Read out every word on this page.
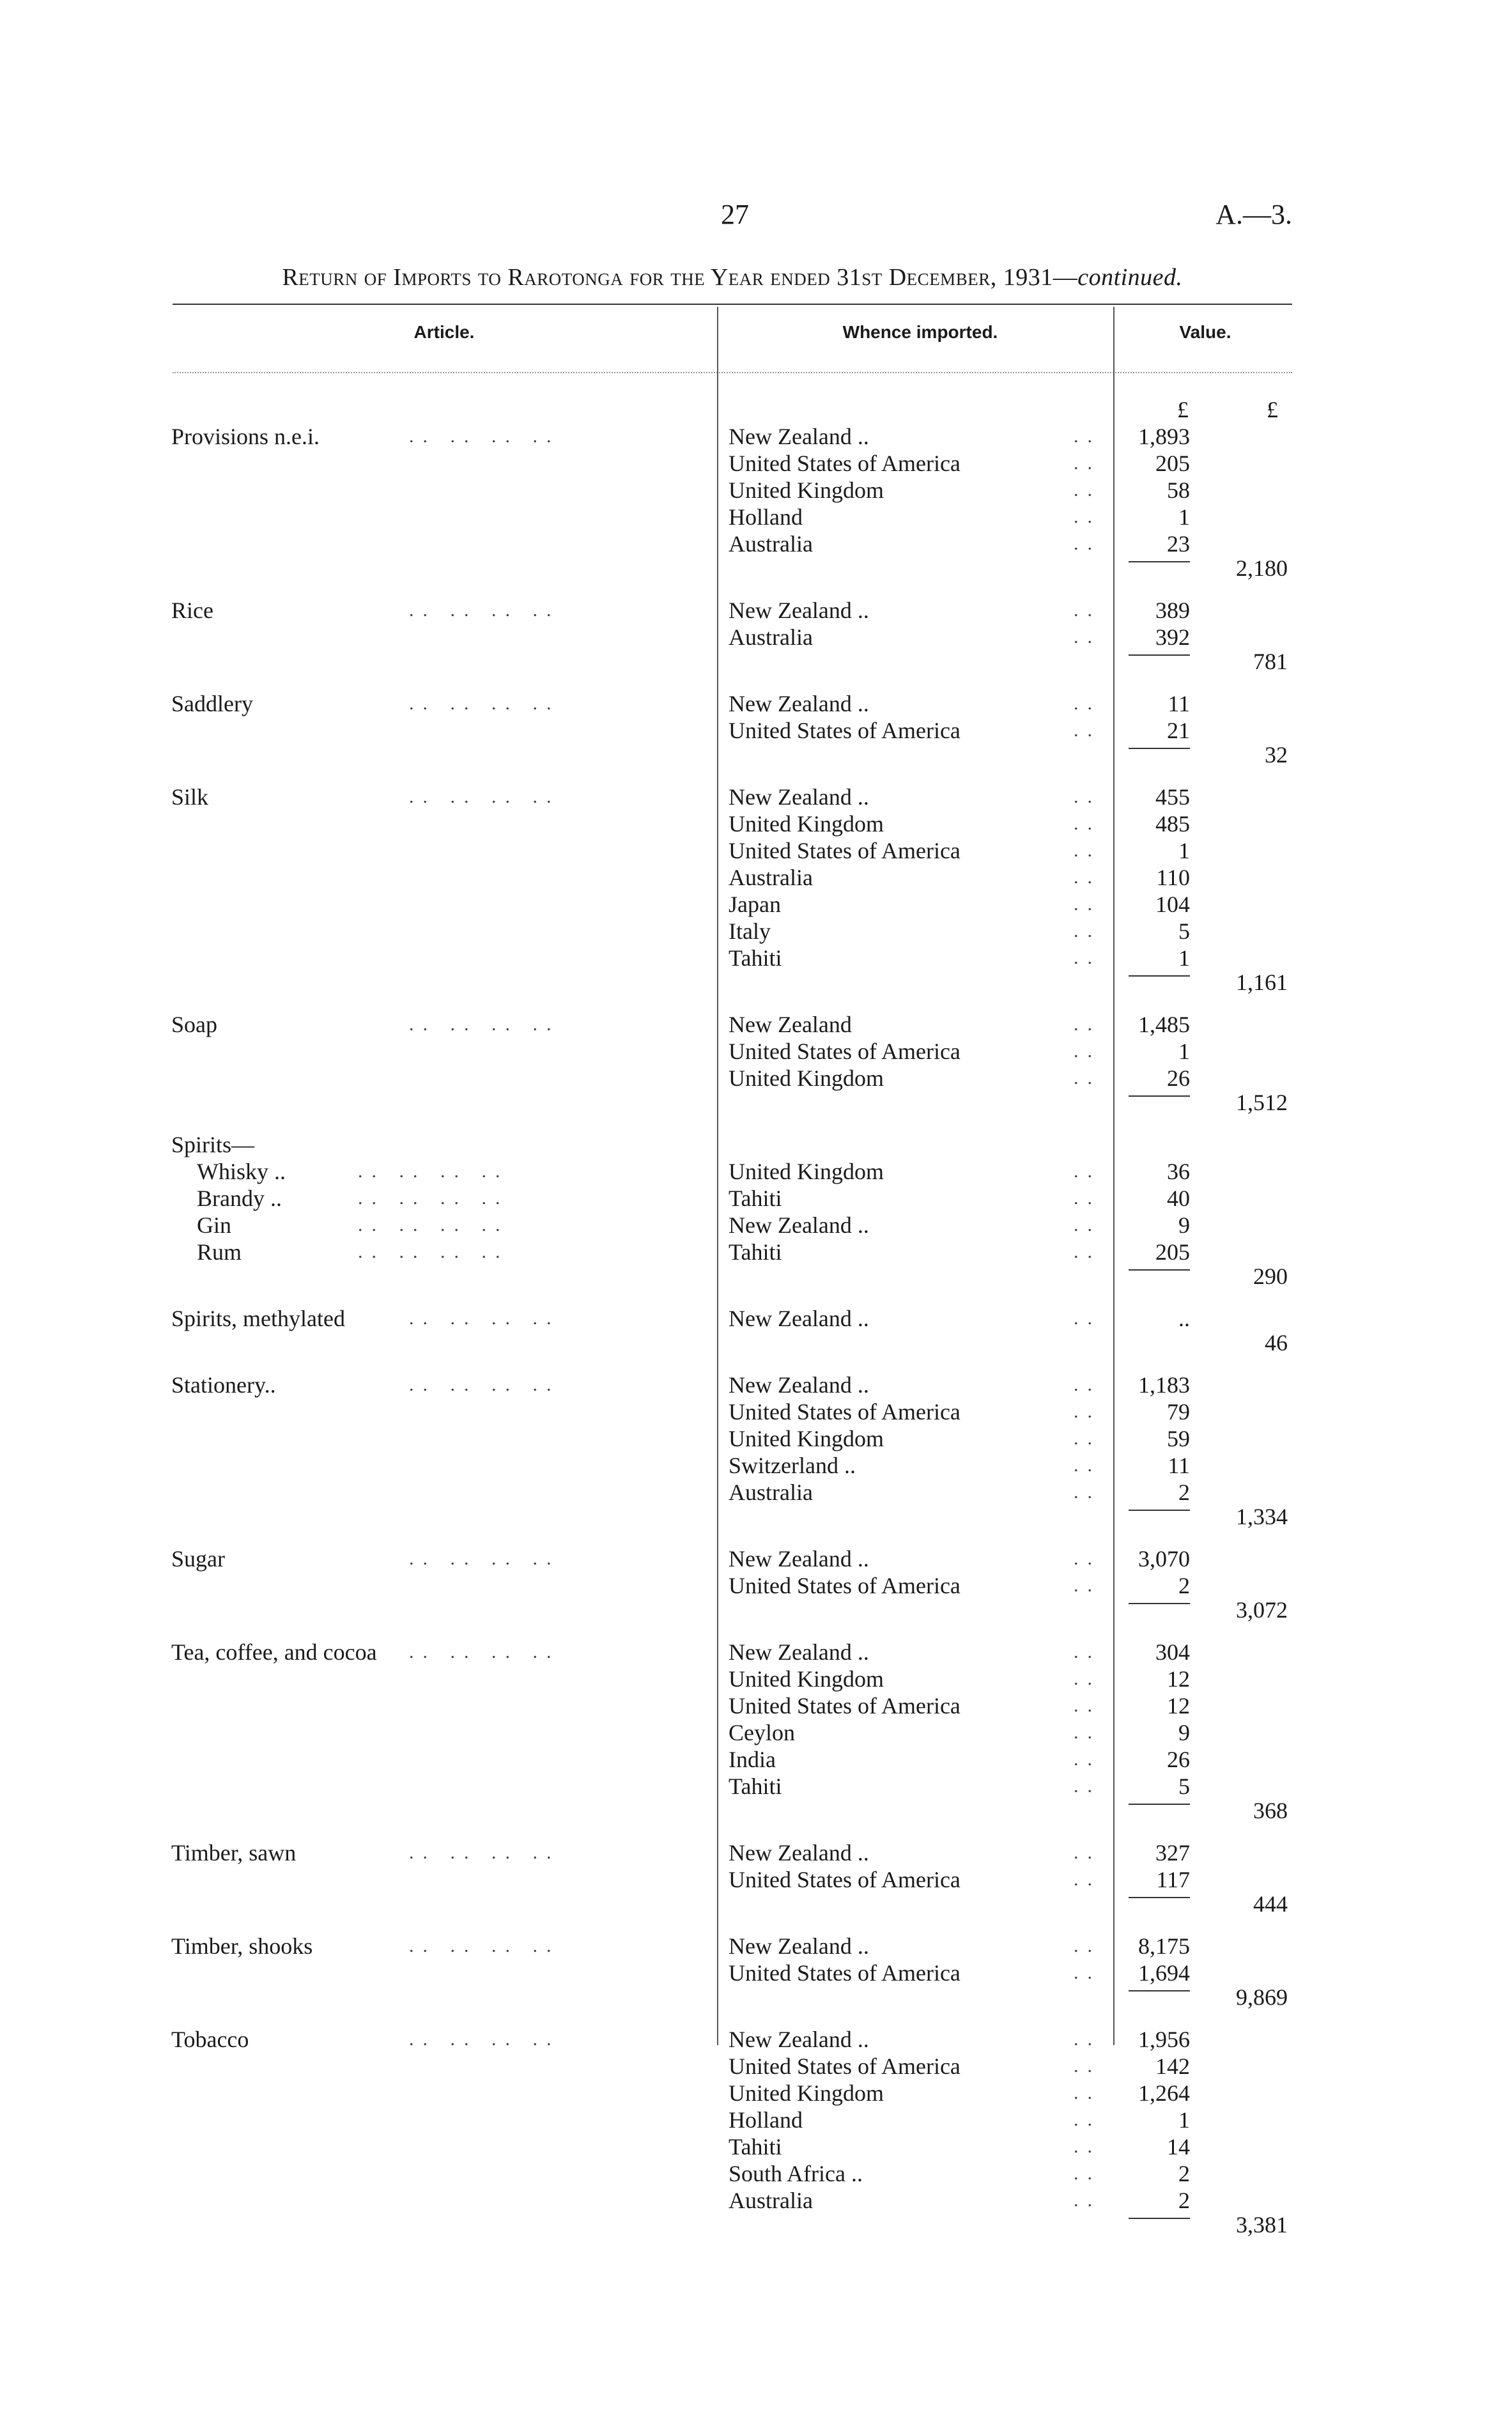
27	A.—3.
Return of Imports to Rarotonga for the Year ended 31st December, 1931—continued.
Article.	Whence imported.	Value.
£	£
Provisions n.e.i.	.. .. .. ..	New Zealand ..	..	1,893
United States of America	..	205
United Kingdom	..	58
Holland	..	1
Australia	..	23
2,180
Rice	.. .. .. ..	New Zealand ..	..	389
Australia	..	392
781
Saddlery	.. .. .. ..	New Zealand ..	..	11
United States of America	..	21
32
Silk	.. .. .. ..	New Zealand ..	..	455
United Kingdom	..	485
United States of America	..	1
Australia	..	110
Japan	..	104
Italy	..	5
Tahiti	..	1
1,161
Soap	.. .. .. ..	New Zealand	..	1,485
United States of America	..	1
United Kingdom	..	26
1,512
Spirits—
Whisky ..	.. .. .. ..	United Kingdom	..	36
Brandy ..	.. .. .. ..	Tahiti	..	40
Gin	.. .. .. ..	New Zealand ..	..	9
Rum	.. .. .. ..	Tahiti	..	205
290
Spirits, methylated	.. .. .. ..	New Zealand ..	..	..
46
Stationery..	.. .. .. ..	New Zealand ..	..	1,183
United States of America	..	79
United Kingdom	..	59
Switzerland ..	..	11
Australia	..	2
1,334
Sugar	.. .. .. ..	New Zealand ..	..	3,070
United States of America	..	2
3,072
Tea, coffee, and cocoa .. .. .. ..	New Zealand ..	..	304
United Kingdom	..	12
United States of America	..	12
Ceylon	..	9
India	..	26
Tahiti	..	5
368
Timber, sawn	.. .. .. ..	New Zealand ..	..	327
United States of America	..	117
444
Timber, shooks	.. .. .. ..	New Zealand ..	..	8,175
United States of America	..	1,694
9,869
Tobacco	.. .. .. ..	New Zealand ..	..	1,956
United States of America	..	142
United Kingdom	..	1,264
Holland	..	1
Tahiti	..	14
South Africa ..	..	2
Australia	..	2
3,381
